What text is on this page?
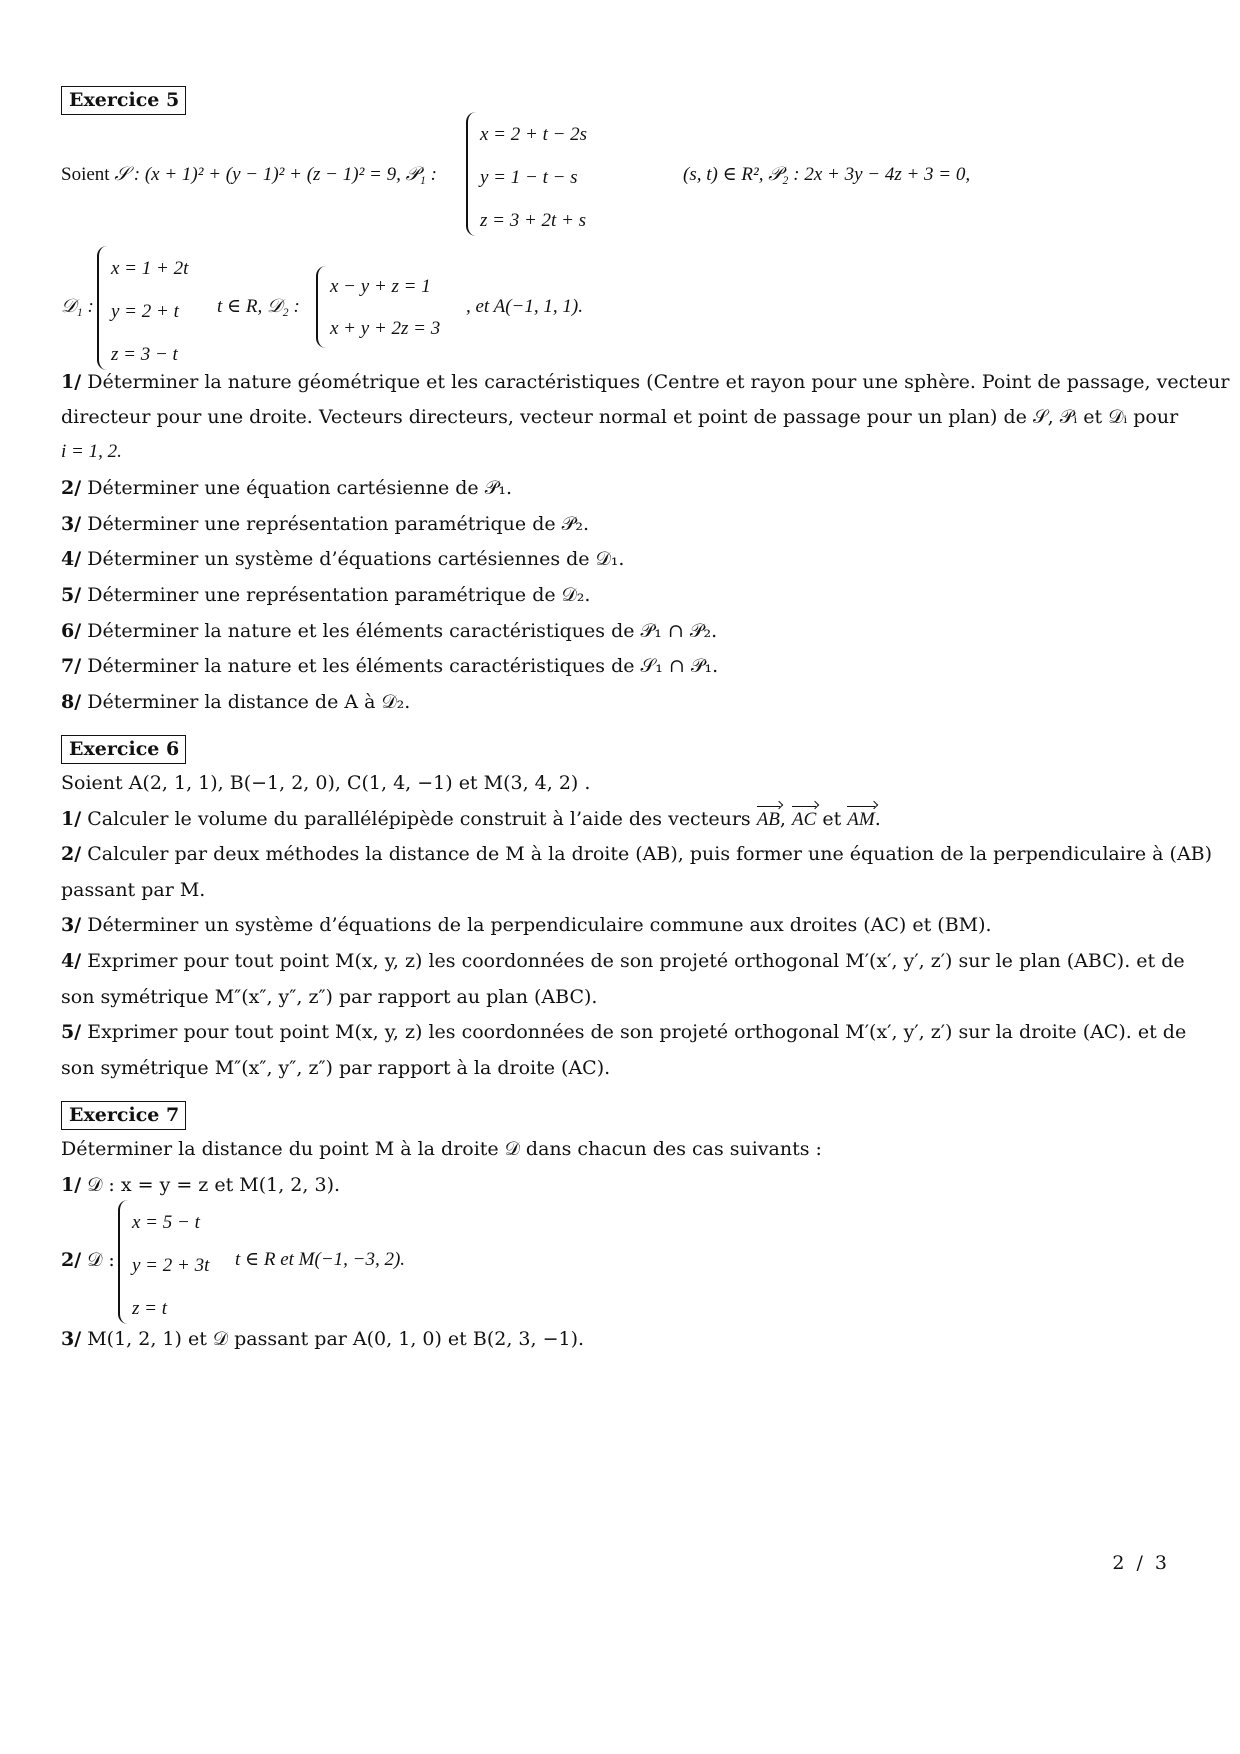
Exercice 5
Soient 𝒮 : (x + 1)² + (y − 1)² + (z − 1)² = 9, 𝒫₁ :
x = 2 + t − 2s
y = 1 − t − s
z = 3 + 2t + s
(s, t) ∈ R², 𝒫₂ : 2x + 3y − 4z + 3 = 0,
𝒟₁ :
x = 1 + 2t
y = 2 + t
z = 3 − t
t ∈ R, 𝒟₂ :
x − y + z = 1
x + y + 2z = 3
, et A(−1, 1, 1).
1/ Déterminer la nature géométrique et les caractéristiques (Centre et rayon pour une sphère. Point de passage, vecteur
directeur pour une droite. Vecteurs directeurs, vecteur normal et point de passage pour un plan) de 𝒮, 𝒫ᵢ et 𝒟ᵢ pour
i = 1, 2.
2/ Déterminer une équation cartésienne de 𝒫₁.
3/ Déterminer une représentation paramétrique de 𝒫₂.
4/ Déterminer un système d’équations cartésiennes de 𝒟₁.
5/ Déterminer une représentation paramétrique de 𝒟₂.
6/ Déterminer la nature et les éléments caractéristiques de 𝒫₁ ∩ 𝒫₂.
7/ Déterminer la nature et les éléments caractéristiques de 𝒮₁ ∩ 𝒫₁.
8/ Déterminer la distance de A à 𝒟₂.
Exercice 6
Soient A(2, 1, 1), B(−1, 2, 0), C(1, 4, −1) et M(3, 4, 2) .
1/ Calculer le volume du parallélépipède construit à l’aide des vecteurs AB, AC et AM.
2/ Calculer par deux méthodes la distance de M à la droite (AB), puis former une équation de la perpendiculaire à (AB)
passant par M.
3/ Déterminer un système d’équations de la perpendiculaire commune aux droites (AC) et (BM).
4/ Exprimer pour tout point M(x, y, z) les coordonnées de son projeté orthogonal M′(x′, y′, z′) sur le plan (ABC). et de
son symétrique M″(x″, y″, z″) par rapport au plan (ABC).
5/ Exprimer pour tout point M(x, y, z) les coordonnées de son projeté orthogonal M′(x′, y′, z′) sur la droite (AC). et de
son symétrique M″(x″, y″, z″) par rapport à la droite (AC).
Exercice 7
Déterminer la distance du point M à la droite 𝒟 dans chacun des cas suivants :
1/ 𝒟 : x = y = z et M(1, 2, 3).
2/ 𝒟 :
x = 5 − t
y = 2 + 3t
z = t
t ∈ R et M(−1, −3, 2).
3/ M(1, 2, 1) et 𝒟 passant par A(0, 1, 0) et B(2, 3, −1).
2 / 3
